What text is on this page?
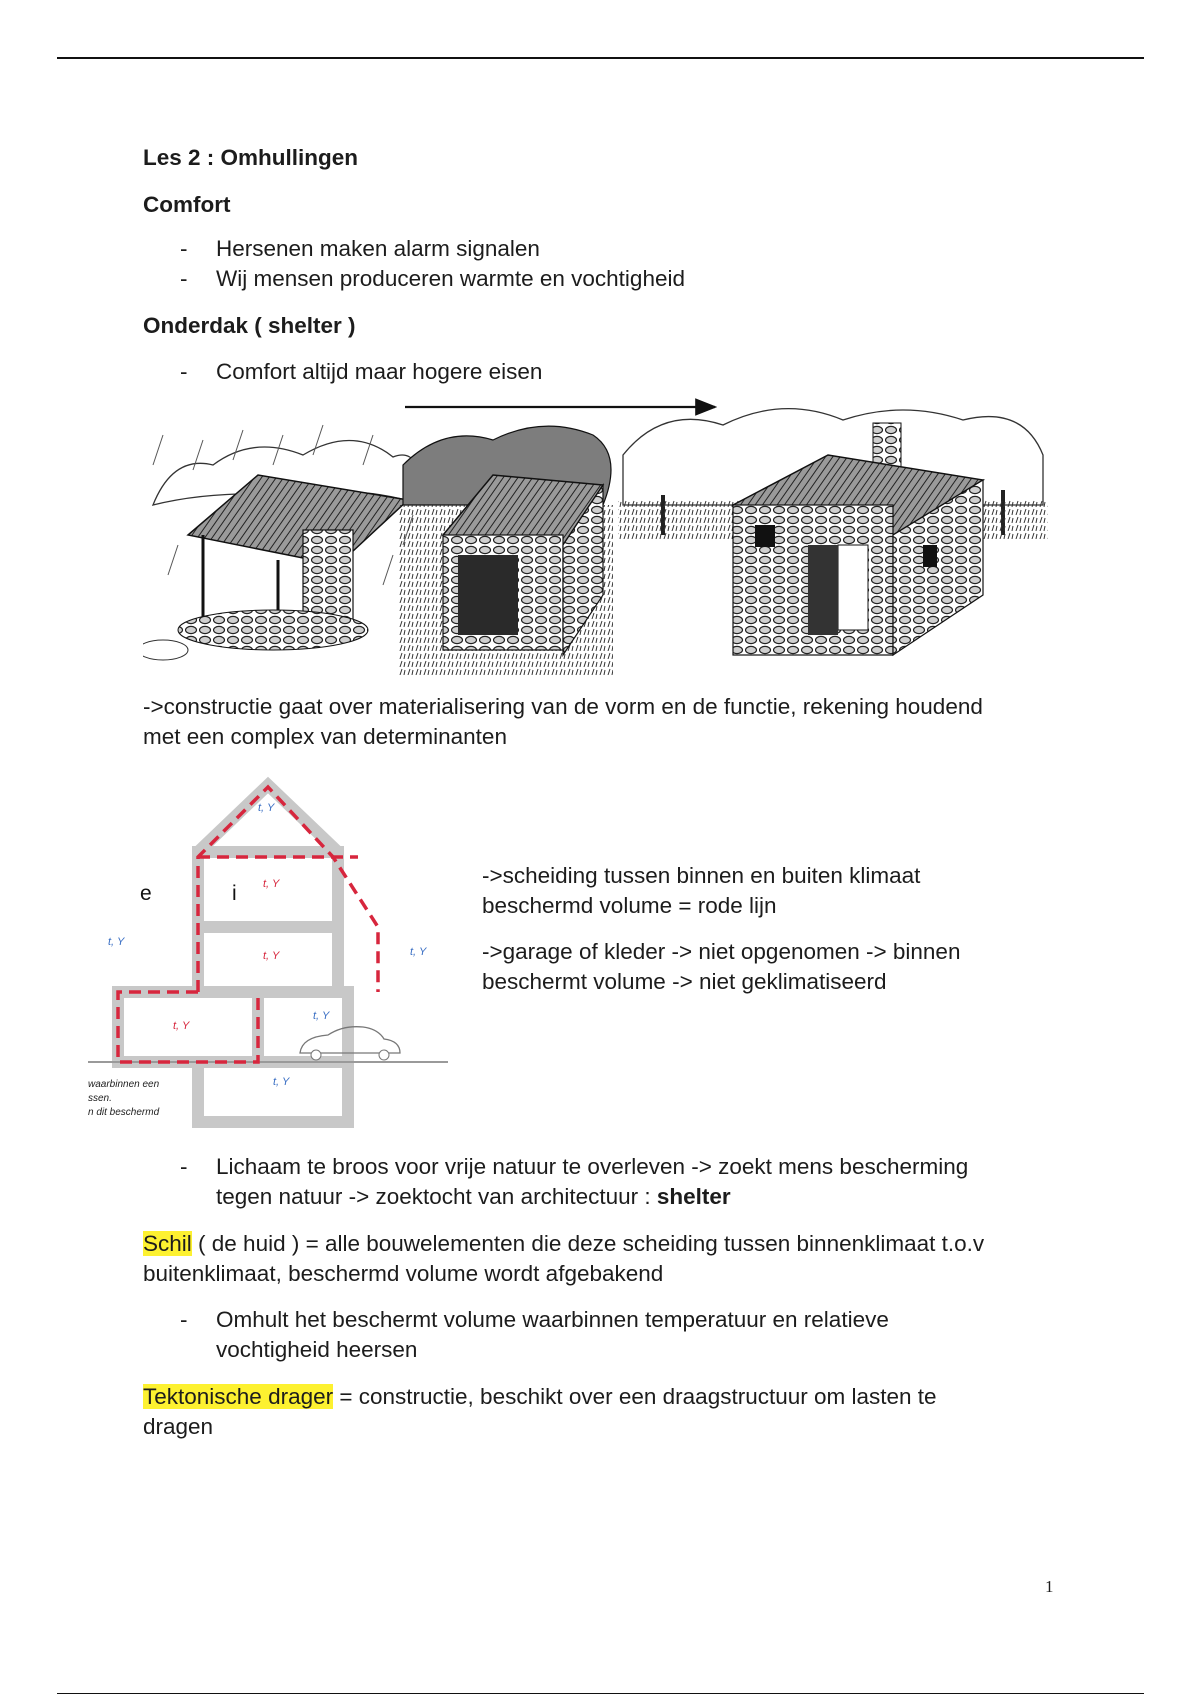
Les 2 : Omhullingen
Comfort
- Hersenen maken alarm signalen
- Wij mensen produceren warmte en vochtigheid
Onderdak ( shelter )
- Comfort altijd maar hogere eisen
->constructie gaat over materialisering van de vorm en de functie, rekening houdend
met een complex van determinanten
e	i
t, Y
t, Y
t, Y
t, Y
t, Y
t, Y
t, Y
t, Y
waarbinnen een
ssen.
n dit beschermd
->scheiding tussen binnen en buiten klimaat
beschermd volume = rode lijn
->garage of kleder -> niet opgenomen -> binnen
beschermt volume -> niet geklimatiseerd
- Lichaam te broos voor vrije natuur te overleven -> zoekt mens bescherming
tegen natuur -> zoektocht van architectuur : shelter
Schil ( de huid ) = alle bouwelementen die deze scheiding tussen binnenklimaat t.o.v
buitenklimaat, beschermd volume wordt afgebakend
- Omhult het beschermt volume waarbinnen temperatuur en relatieve
vochtigheid heersen
Tektonische drager = constructie, beschikt over een draagstructuur om lasten te
dragen
1
